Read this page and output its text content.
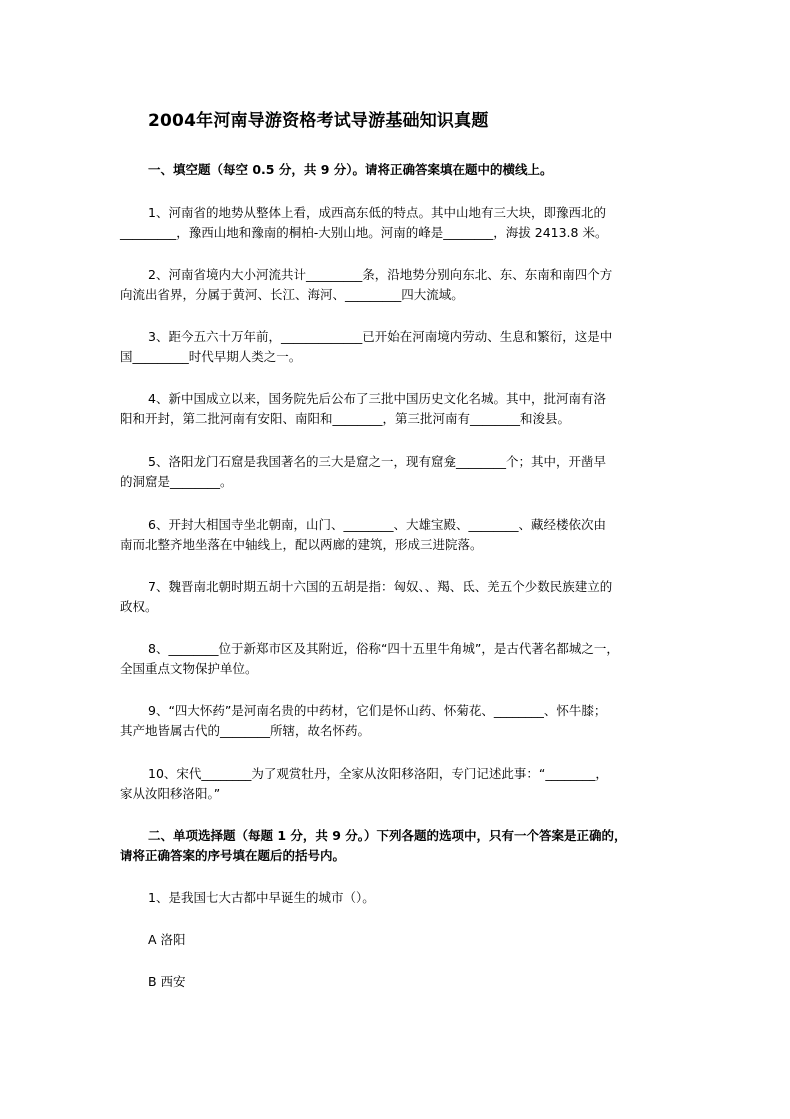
2004年河南导游资格考试导游基础知识真题
一、填空题（每空 0.5 分，共 9 分）。请将正确答案填在题中的横线上。
1、河南省的地势从整体上看，成西高东低的特点。其中山地有三大块，即豫西北的
_________，豫西山地和豫南的桐柏-大别山地。河南的峰是________，海拔 2413.8 米。
2、河南省境内大小河流共计_________条，沿地势分别向东北、东、东南和南四个方
向流出省界，分属于黄河、长江、海河、_________四大流域。
3、距今五六十万年前，_____________已开始在河南境内劳动、生息和繁衍，这是中
国_________时代早期人类之一。
4、新中国成立以来，国务院先后公布了三批中国历史文化名城。其中，批河南有洛
阳和开封，第二批河南有安阳、南阳和________，第三批河南有________和浚县。
5、洛阳龙门石窟是我国著名的三大是窟之一，现有窟龛________个；其中，开凿早
的洞窟是________。
6、开封大相国寺坐北朝南，山门、________、大雄宝殿、________、藏经楼依次由
南而北整齐地坐落在中轴线上，配以两廊的建筑，形成三进院落。
7、魏晋南北朝时期五胡十六国的五胡是指：匈奴、、羯、氐、羌五个少数民族建立的
政权。
8、________位于新郑市区及其附近，俗称“四十五里牛角城”，是古代著名都城之一，
全国重点文物保护单位。
9、“四大怀药”是河南名贵的中药材，它们是怀山药、怀菊花、________、怀牛膝；
其产地皆属古代的________所辖，故名怀药。
10、宋代________为了观赏牡丹，全家从汝阳移洛阳，专门记述此事：“________，
家从汝阳移洛阳。”
二、单项选择题（每题 1 分，共 9 分。）下列各题的选项中，只有一个答案是正确的，
请将正确答案的序号填在题后的括号内。
1、是我国七大古都中早诞生的城市（）。
A 洛阳
B 西安
